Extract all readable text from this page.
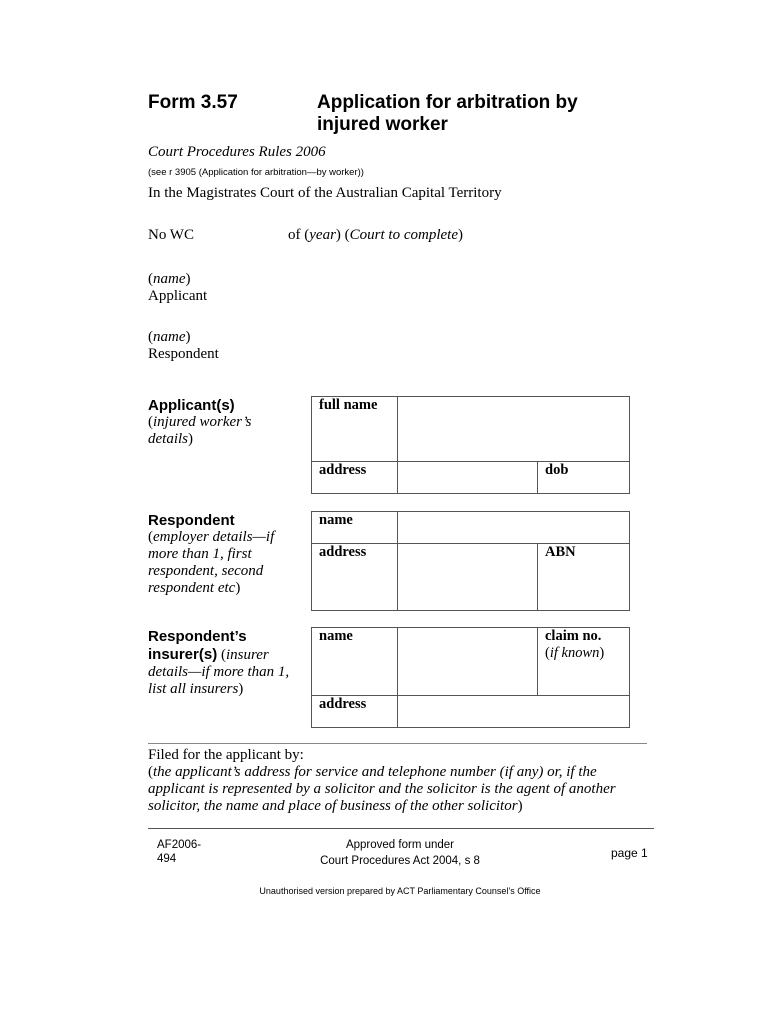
Form 3.57	Application for arbitration by
injured worker
Court Procedures Rules 2006
(see r 3905 (Application for arbitration—by worker))
In the Magistrates Court of the Australian Capital Territory
No WC	of (year) (Court to complete)
(name)
Applicant
(name)
Respondent
Applicant(s)
(injured worker’s details)
full name		
address		dob
Respondent
(employer details—if more than 1, first respondent, second respondent etc)
name		
address		ABN
Respondent’s insurer(s) (insurer details—if more than 1, list all insurers)
name		claim no.
(if known)

address		
Filed for the applicant by:
(the applicant’s address for service and telephone number (if any) or, if the applicant is represented by a solicitor and the solicitor is the agent of another solicitor, the name and place of business of the other solicitor)
AF2006-
494
Approved form under
Court Procedures Act 2004, s 8
page 1
Unauthorised version prepared by ACT Parliamentary Counsel’s Office
